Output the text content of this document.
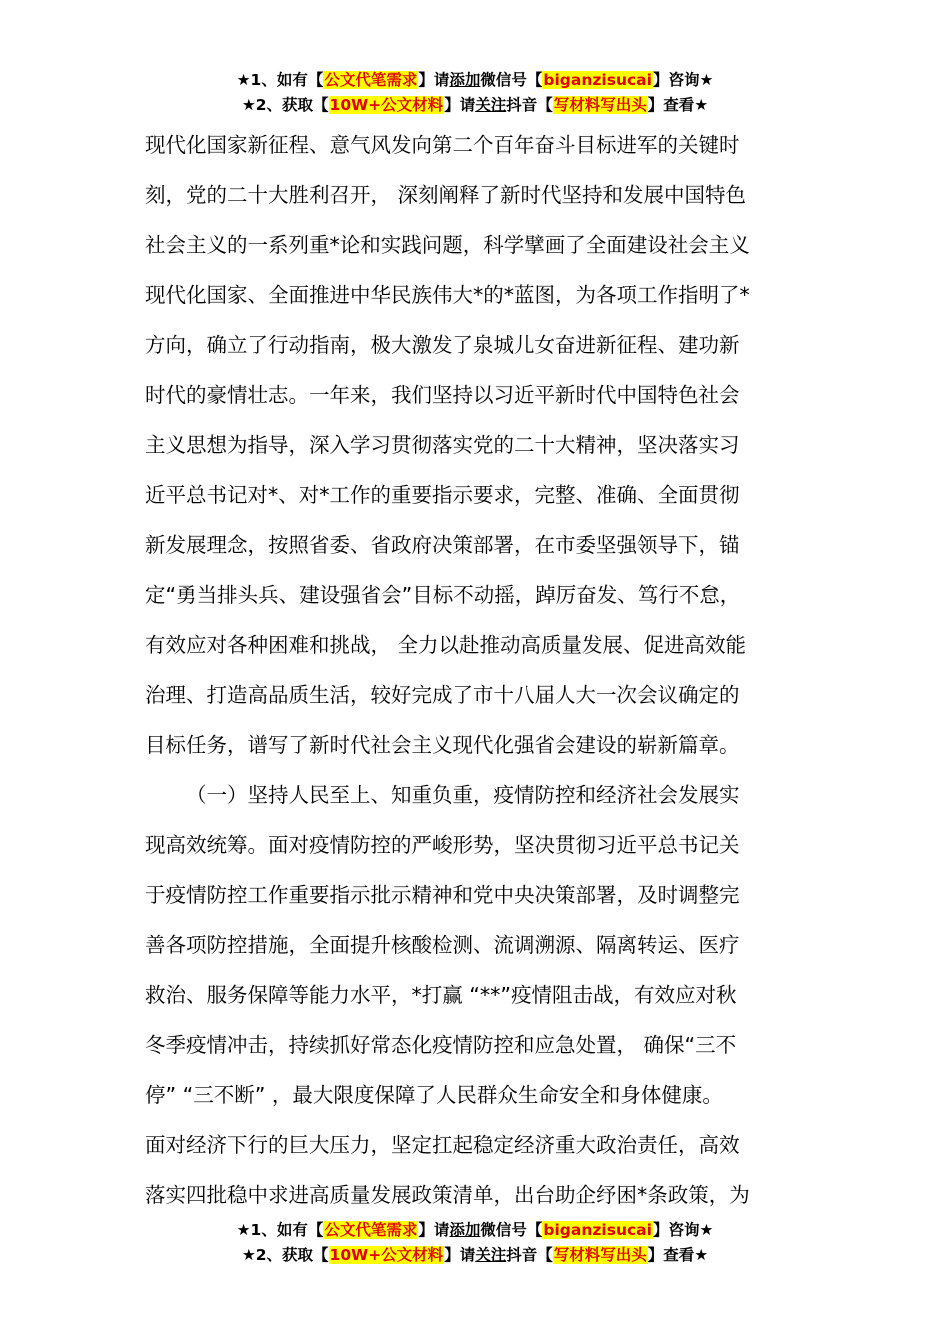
★1、如有【公文代笔需求】请添加微信号【biganzisucai】咨询★
★2、获取【10W+公文材料】请关注抖音【写材料写出头】查看★
现代化国家新征程、意气风发向第二个百年奋斗目标进军的关键时
刻，党的二十大胜利召开， 深刻阐释了新时代坚持和发展中国特色
社会主义的一系列重*论和实践问题，科学擘画了全面建设社会主义
现代化国家、全面推进中华民族伟大*的*蓝图，为各项工作指明了*
方向，确立了行动指南，极大激发了泉城儿女奋进新征程、建功新
时代的豪情壮志。一年来，我们坚持以习近平新时代中国特色社会
主义思想为指导，深入学习贯彻落实党的二十大精神，坚决落实习
近平总书记对*、对*工作的重要指示要求，完整、准确、全面贯彻
新发展理念，按照省委、省政府决策部署，在市委坚强领导下，锚
定“勇当排头兵、建设强省会”目标不动摇，踔厉奋发、笃行不怠，
有效应对各种困难和挑战， 全力以赴推动高质量发展、促进高效能
治理、打造高品质生活，较好完成了市十八届人大一次会议确定的
目标任务，谱写了新时代社会主义现代化强省会建设的崭新篇章。
（一）坚持人民至上、知重负重，疫情防控和经济社会发展实
现高效统筹。面对疫情防控的严峻形势，坚决贯彻习近平总书记关
于疫情防控工作重要指示批示精神和党中央决策部署，及时调整完
善各项防控措施，全面提升核酸检测、流调溯源、隔离转运、医疗
救治、服务保障等能力水平，*打赢 “**”疫情阻击战，有效应对秋
冬季疫情冲击，持续抓好常态化疫情防控和应急处置， 确保“三不
停” “三不断” ，最大限度保障了人民群众生命安全和身体健康。
面对经济下行的巨大压力，坚定扛起稳定经济重大政治责任，高效
落实四批稳中求进高质量发展政策清单，出台助企纾困*条政策，为
★1、如有【公文代笔需求】请添加微信号【biganzisucai】咨询★
★2、获取【10W+公文材料】请关注抖音【写材料写出头】查看★
